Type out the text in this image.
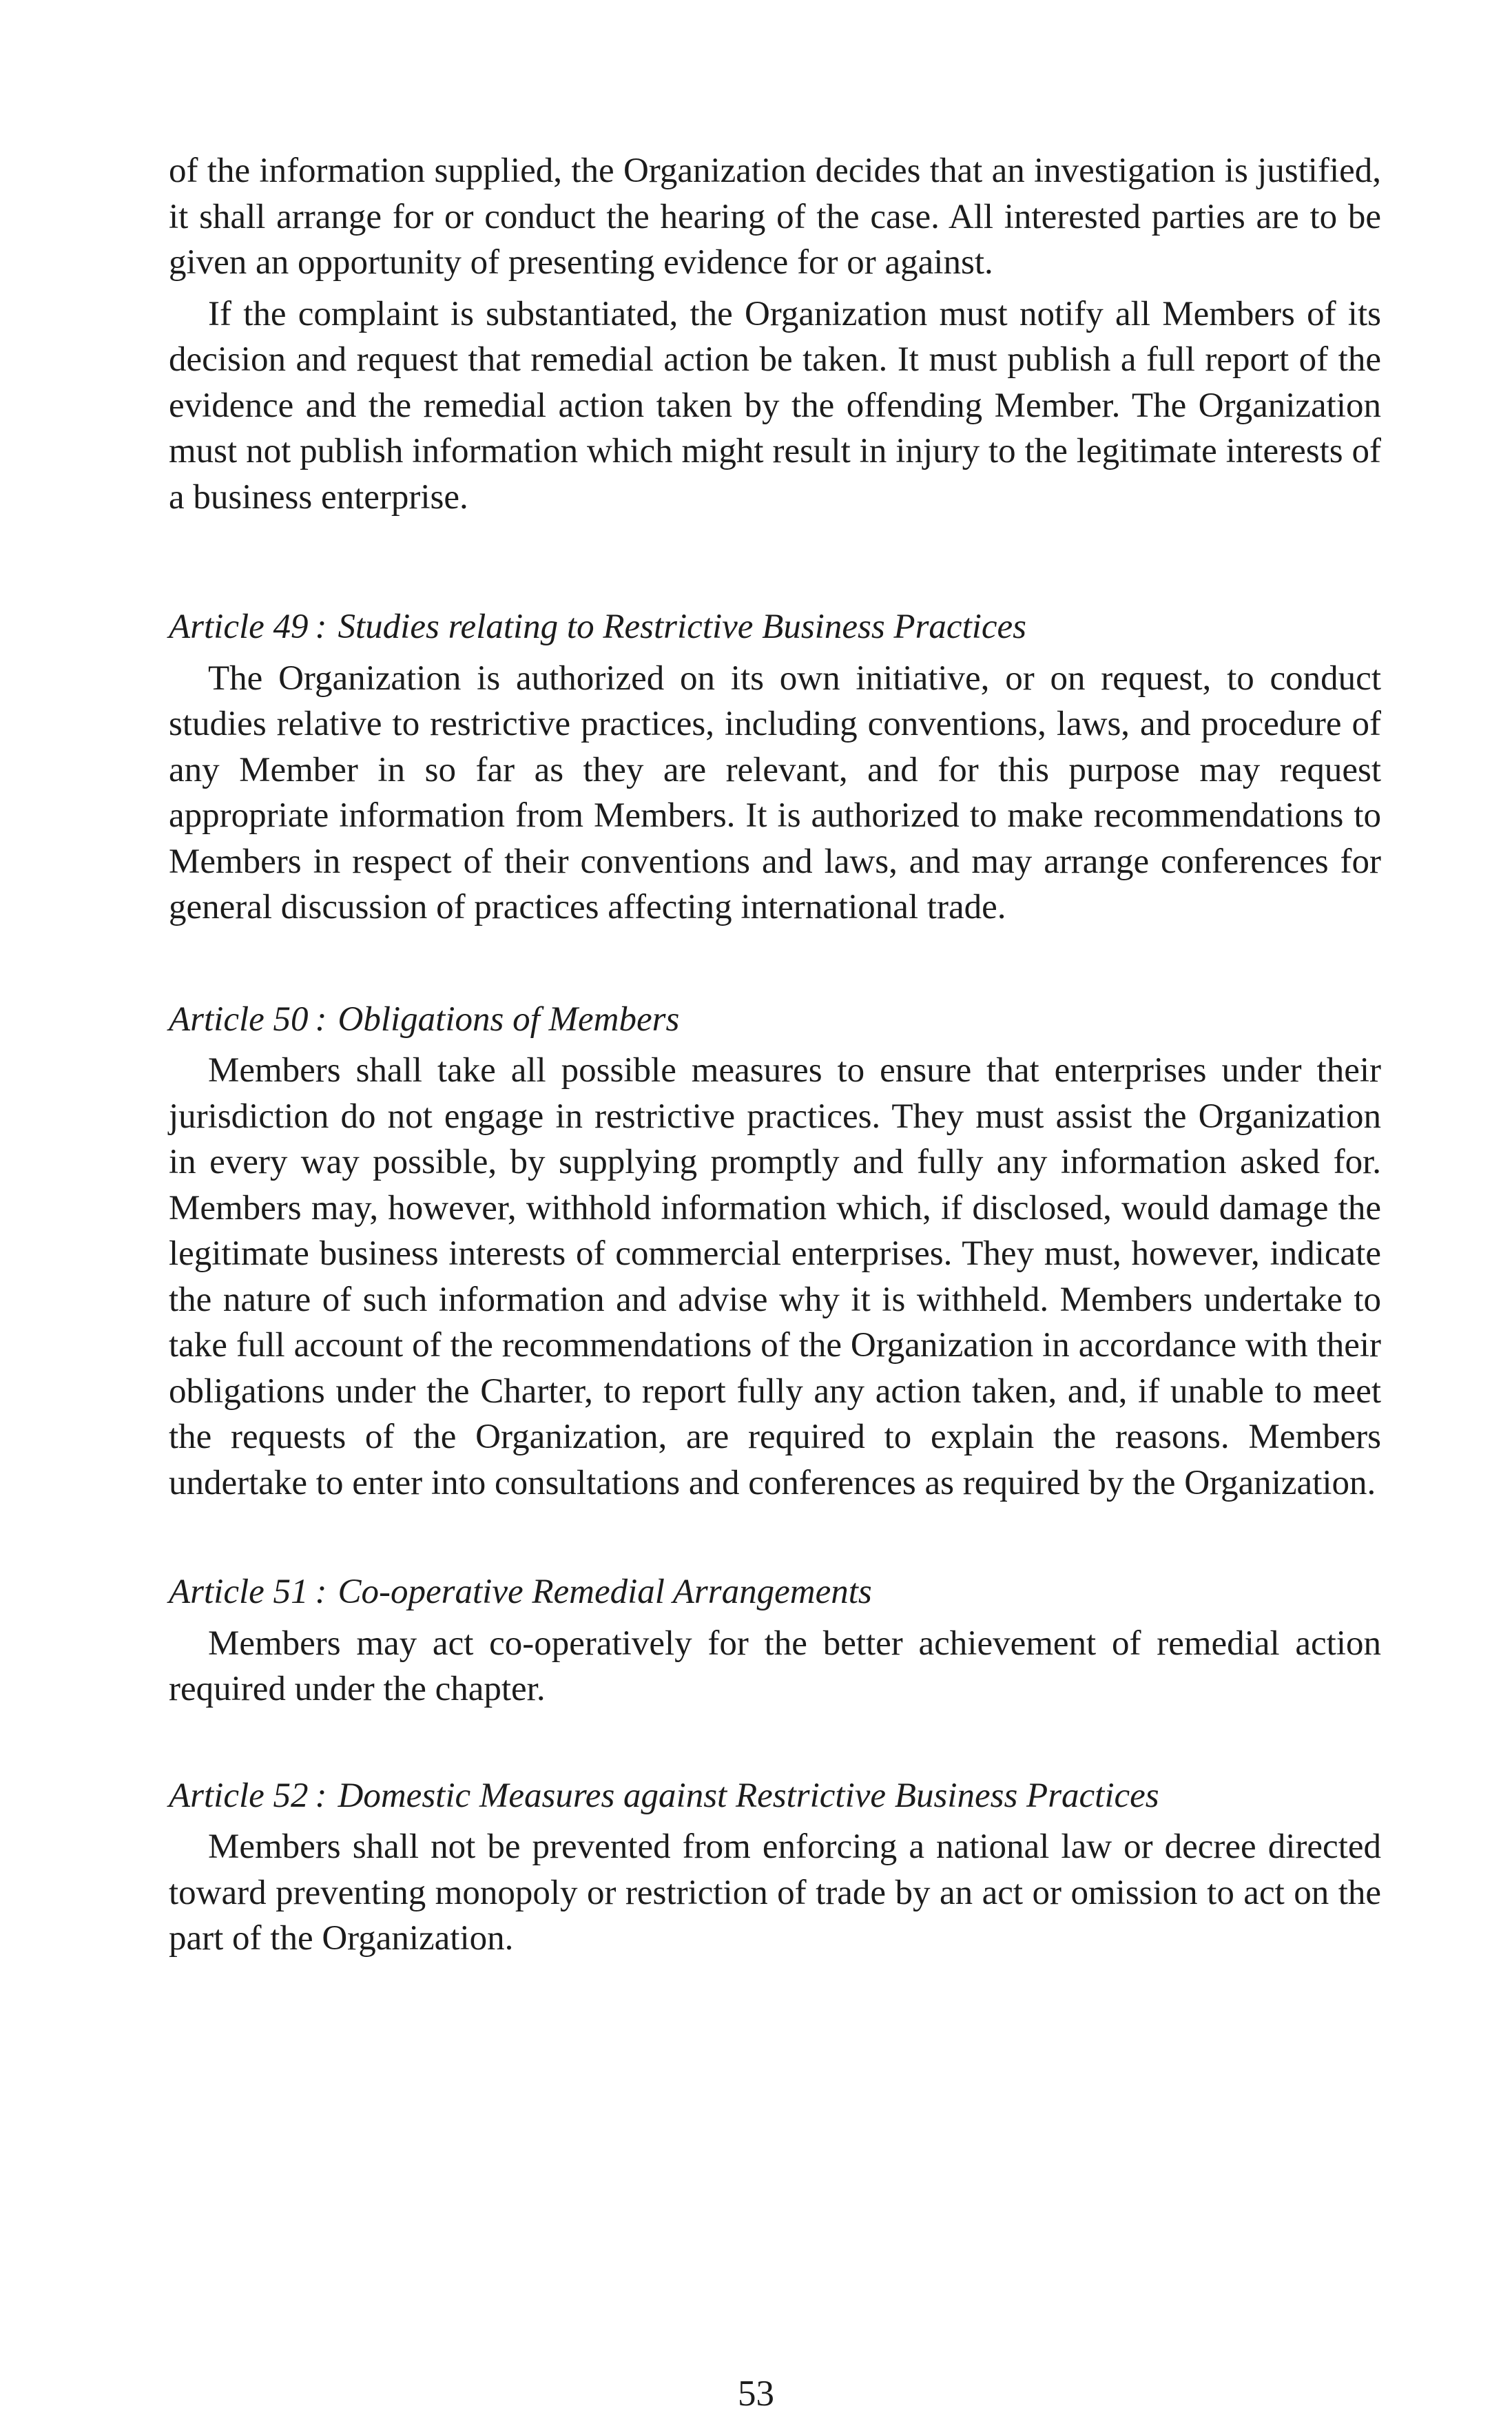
of the information supplied, the Organization decides that an investigation is justified, it shall arrange for or conduct the hearing of the case. All interested parties are to be given an opportunity of presenting evidence for or against.

If the complaint is substantiated, the Organization must notify all Members of its decision and request that remedial action be taken. It must publish a full report of the evidence and the remedial action taken by the offending Member. The Organization must not publish information which might result in injury to the legitimate interests of a business enterprise.

Article 49 : Studies relating to Restrictive Business Practices

The Organization is authorized on its own initiative, or on request, to conduct studies relative to restrictive practices, including conventions, laws, and procedure of any Member in so far as they are relevant, and for this purpose may request appropriate information from Members. It is authorized to make recommendations to Members in respect of their conventions and laws, and may arrange conferences for general discussion of practices affecting international trade.

Article 50 : Obligations of Members

Members shall take all possible measures to ensure that enterprises under their jurisdiction do not engage in restrictive practices. They must assist the Organization in every way possible, by supplying promptly and fully any information asked for. Members may, however, withhold information which, if disclosed, would damage the legitimate business interests of commercial enterprises. They must, however, indicate the nature of such information and advise why it is withheld. Members undertake to take full account of the recommendations of the Organization in accordance with their obligations under the Charter, to report fully any action taken, and, if unable to meet the requests of the Organization, are required to explain the reasons. Members undertake to enter into consultations and conferences as required by the Organization.

Article 51 : Co-operative Remedial Arrangements

Members may act co-operatively for the better achievement of remedial action required under the chapter.

Article 52 : Domestic Measures against Restrictive Business Practices

Members shall not be prevented from enforcing a national law or decree directed toward preventing monopoly or restriction of trade by an act or omission to act on the part of the Organization.

53
